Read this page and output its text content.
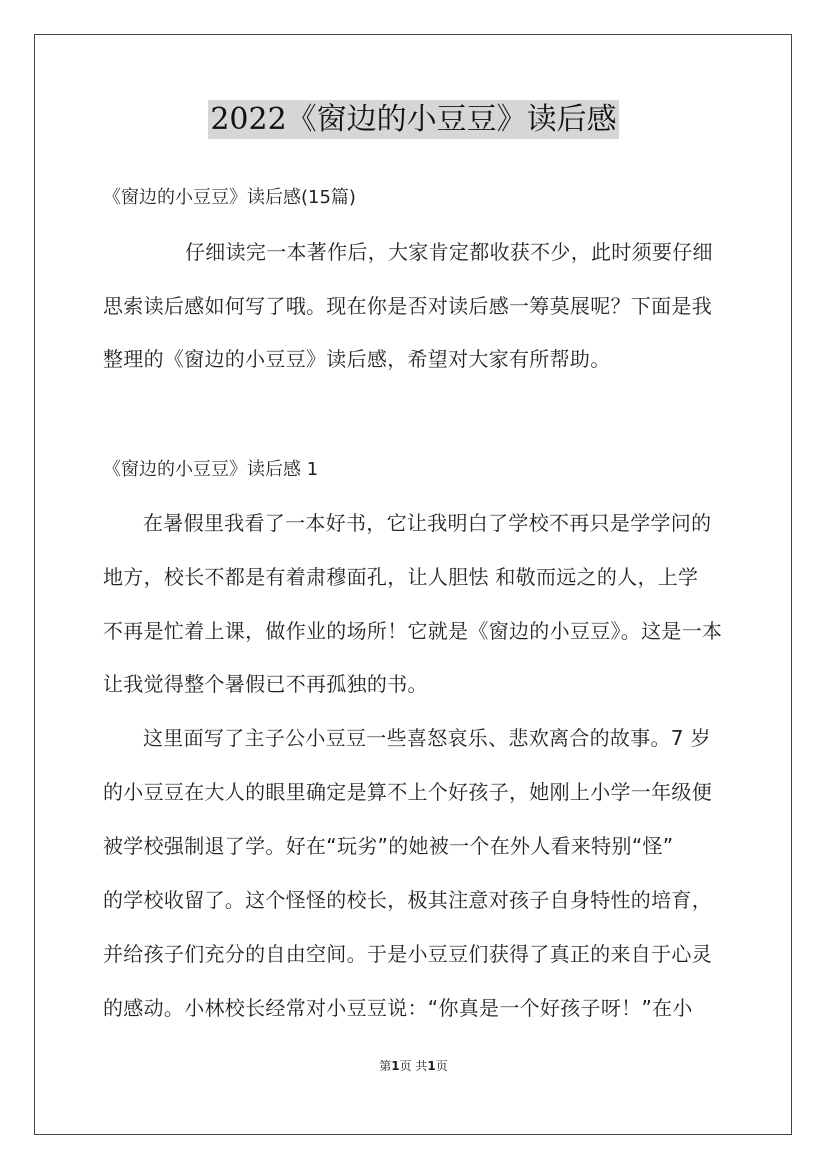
2022《窗边的小豆豆》读后感
《窗边的小豆豆》读后感(15篇)
仔细读完一本著作后，大家肯定都收获不少，此时须要仔细
思索读后感如何写了哦。现在你是否对读后感一筹莫展呢？下面是我
整理的《窗边的小豆豆》读后感，希望对大家有所帮助。
《窗边的小豆豆》读后感 1
在暑假里我看了一本好书，它让我明白了学校不再只是学学问的
地方，校长不都是有着肃穆面孔，让人胆怯 和敬而远之的人，上学
不再是忙着上课，做作业的场所！它就是《窗边的小豆豆》。这是一本
让我觉得整个暑假已不再孤独的书。
这里面写了主子公小豆豆一些喜怒哀乐、悲欢离合的故事。7 岁
的小豆豆在大人的眼里确定是算不上个好孩子，她刚上小学一年级便
被学校强制退了学。好在“玩劣”的她被一个在外人看来特别“怪”
的学校收留了。这个怪怪的校长，极其注意对孩子自身特性的培育，
并给孩子们充分的自由空间。于是小豆豆们获得了真正的来自于心灵
的感动。小林校长经常对小豆豆说：“你真是一个好孩子呀！”在小
第1页 共1页
